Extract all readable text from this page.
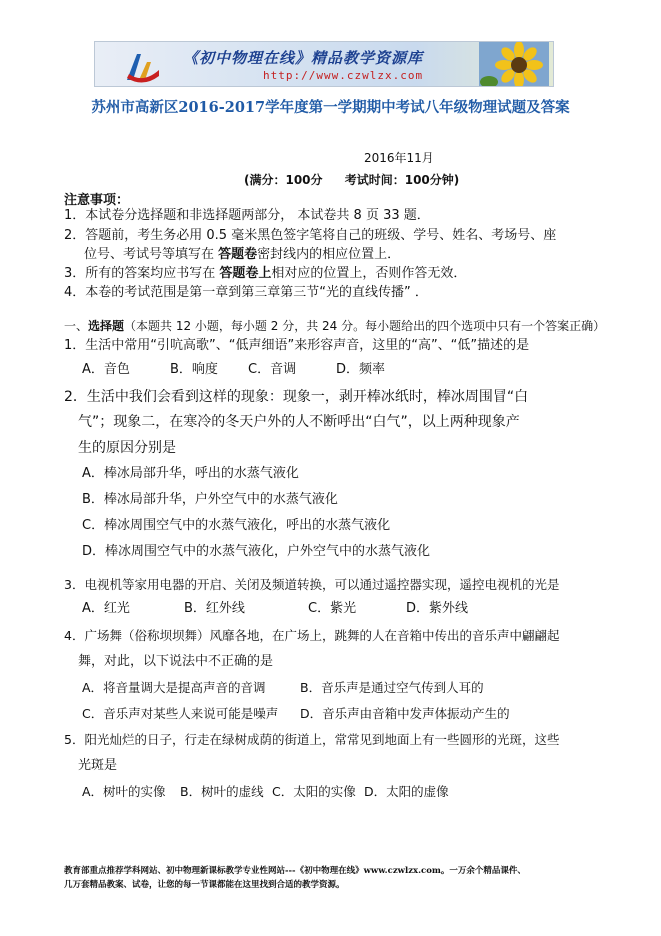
《初中物理在线》精品教学资源库
http://www.czwlzx.com
苏州市高新区2016-2017学年度第一学期期中考试八年级物理试题及答案
2016年11月
(满分：100分 考试时间：100分钟)
注意事项：
1．本试卷分选择题和非选择题两部分， 本试卷共 8 页 33 题．
2．答题前，考生务必用 0.5 毫米黑色签字笔将自己的班级、学号、姓名、考场号、座
位号、考试号等填写在 答题卷密封线内的相应位置上．
3．所有的答案均应书写在 答题卷上相对应的位置上，否则作答无效．
4．本卷的考试范围是第一章到第三章第三节“光的直线传播” ．
一、选择题（本题共 12 小题，每小题 2 分，共 24 分。每小题给出的四个选项中只有一个答案正确）
1．生活中常用“引吭高歌”、“低声细语”来形容声音，这里的“高”、“低”描述的是
A．音色	B．响度 C．音调	D．频率
2．生活中我们会看到这样的现象：现象一，剥开棒冰纸时，棒冰周围冒“白
气”；现象二，在寒冷的冬天户外的人不断呼出“白气”，以上两种现象产
生的原因分别是
A．棒冰局部升华，呼出的水蒸气液化
B．棒冰局部升华，户外空气中的水蒸气液化
C．棒冰周围空气中的水蒸气液化，呼出的水蒸气液化
D．棒冰周围空气中的水蒸气液化，户外空气中的水蒸气液化
3．电视机等家用电器的开启、关闭及频道转换，可以通过遥控器实现，遥控电视机的光是
A．红光	B．红外线	C．紫光	D．紫外线
4．广场舞（俗称坝坝舞）风靡各地，在广场上，跳舞的人在音箱中传出的音乐声中翩翩起
舞，对此，以下说法中不正确的是
A．将音量调大是提高声音的音调	B．音乐声是通过空气传到人耳的
C．音乐声对某些人来说可能是噪声 D．音乐声由音箱中发声体振动产生的
5．阳光灿烂的日子，行走在绿树成荫的街道上，常常见到地面上有一些圆形的光斑，这些
光斑是
A．树叶的实像 B．树叶的虚线 C．太阳的实像 D．太阳的虚像
教育部重点推荐学科网站、初中物理新课标教学专业性网站---《初中物理在线》www.czwlzx.com。一万余个精品课件、
几万套精品教案、试卷，让您的每一节课都能在这里找到合适的教学资源。
